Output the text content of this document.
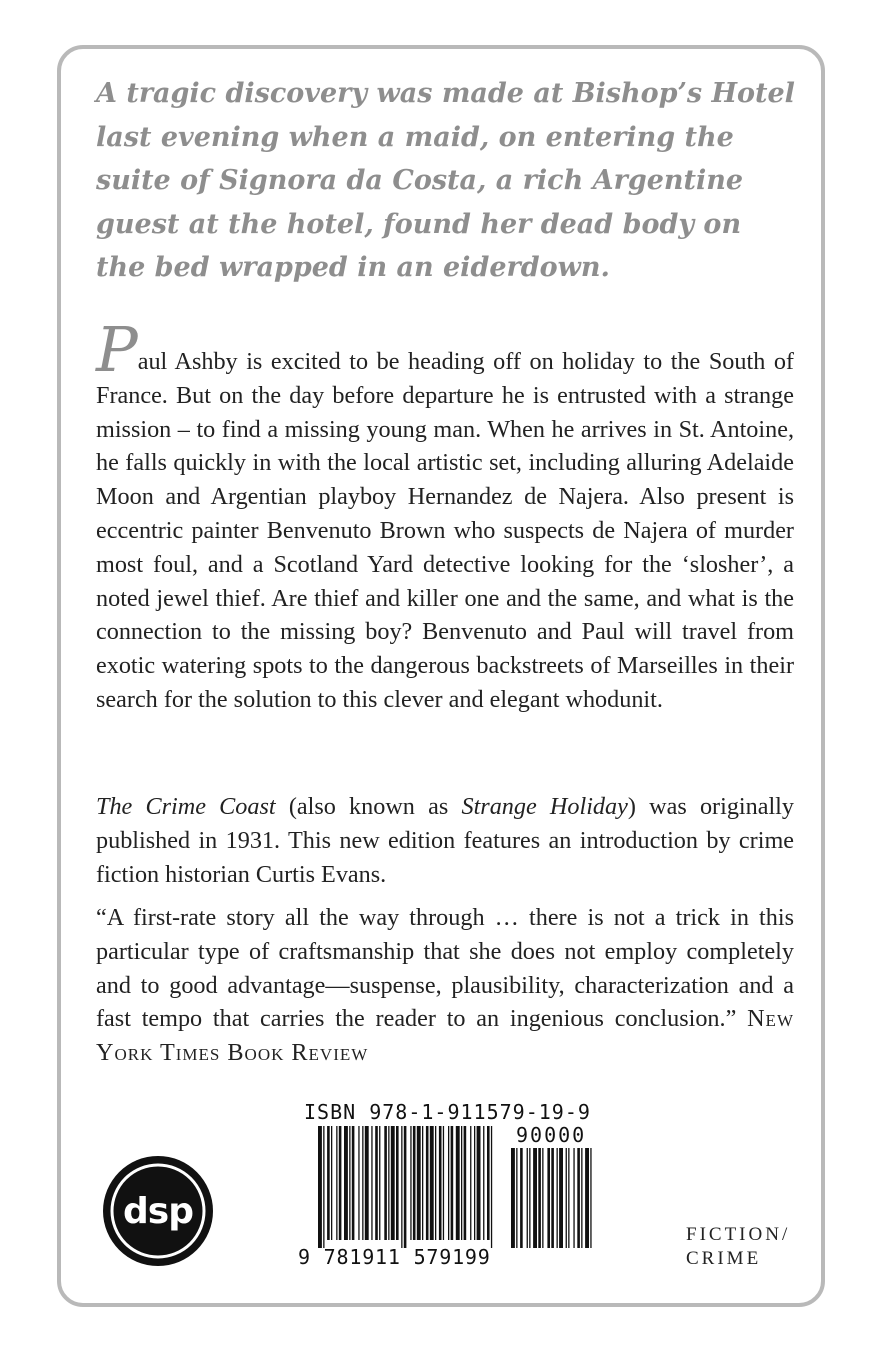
A tragic discovery was made at Bishop’s Hotel last evening when a maid, on entering the suite of Signora da Costa, a rich Argentine guest at the hotel, found her dead body on the bed wrapped in an eiderdown.

Paul Ashby is excited to be heading off on holiday to the South of France. But on the day before departure he is entrusted with a strange mission – to find a missing young man. When he arrives in St. Antoine, he falls quickly in with the local artistic set, including alluring Adelaide Moon and Argentian playboy Hernandez de Najera. Also present is eccentric painter Benvenuto Brown who suspects de Najera of murder most foul, and a Scotland Yard detective looking for the ‘slosher’, a noted jewel thief. Are thief and killer one and the same, and what is the connection to the missing boy? Benvenuto and Paul will travel from exotic watering spots to the dangerous backstreets of Marseilles in their search for the solution to this clever and elegant whodunit.

The Crime Coast (also known as Strange Holiday) was originally published in 1931. This new edition features an introduction by crime fiction historian Curtis Evans.

“A first-rate story all the way through … there is not a trick in this particular type of craftsmanship that she does not employ completely and to good advantage—suspense, plausibility, characterization and a fast tempo that carries the reader to an ingenious conclusion.” New York Times Book Review

ISBN 978-1-911579-19-9
90000
9 781911 579199
dsp

FICTION/
CRIME
